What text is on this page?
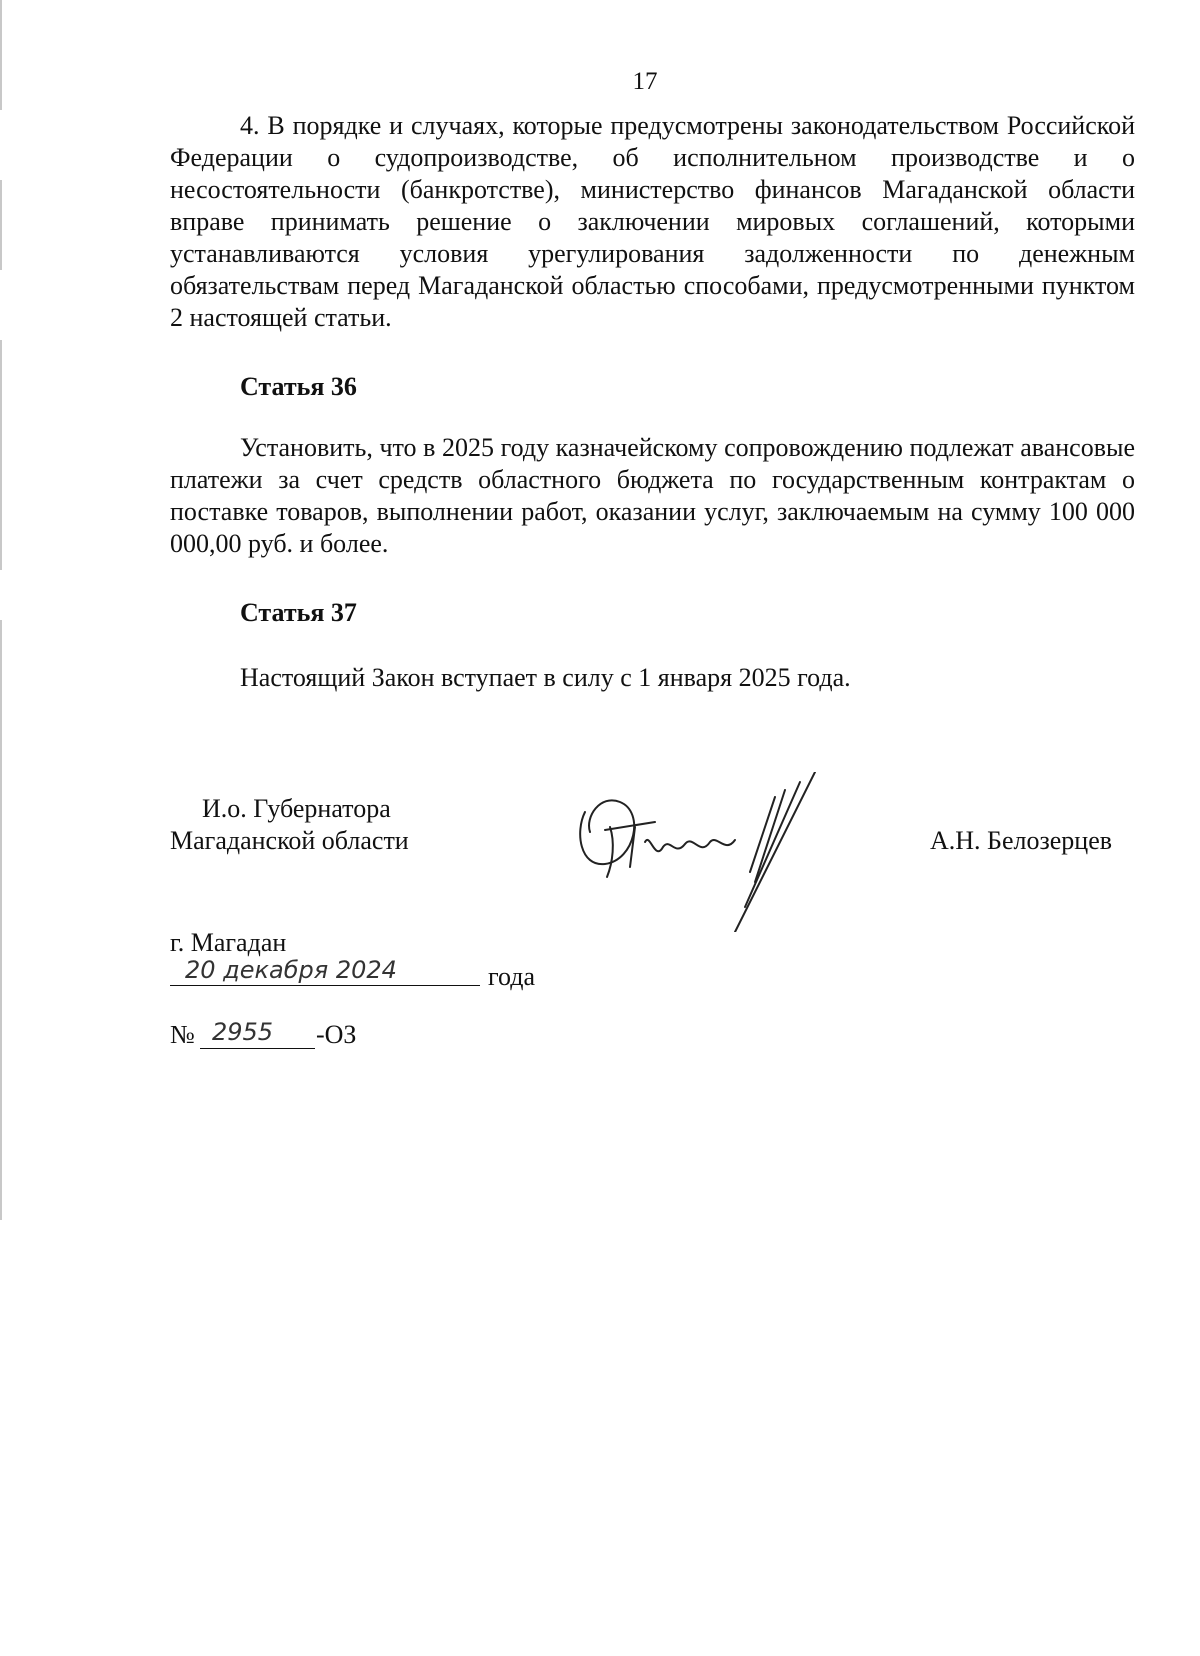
17

4. В порядке и случаях, которые предусмотрены законодательством Российской Федерации о судопроизводстве, об исполнительном производстве и о несостоятельности (банкротстве), министерство финансов Магаданской области вправе принимать решение о заключении мировых соглашений, которыми устанавливаются условия урегулирования задолженности по денежным обязательствам перед Магаданской областью способами, предусмотренными пунктом 2 настоящей статьи.

Статья 36

Установить, что в 2025 году казначейскому сопровождению подлежат авансовые платежи за счет средств областного бюджета по государственным контрактам о поставке товаров, выполнении работ, оказании услуг, заключаемым на сумму 100 000 000,00 руб. и более.

Статья 37

Настоящий Закон вступает в силу с 1 января 2025 года.

И.о. Губернатора
Магаданской области	А.Н. Белозерцев
г. Магадан
20 декабря 2024	года
№ 2955 -ОЗ
